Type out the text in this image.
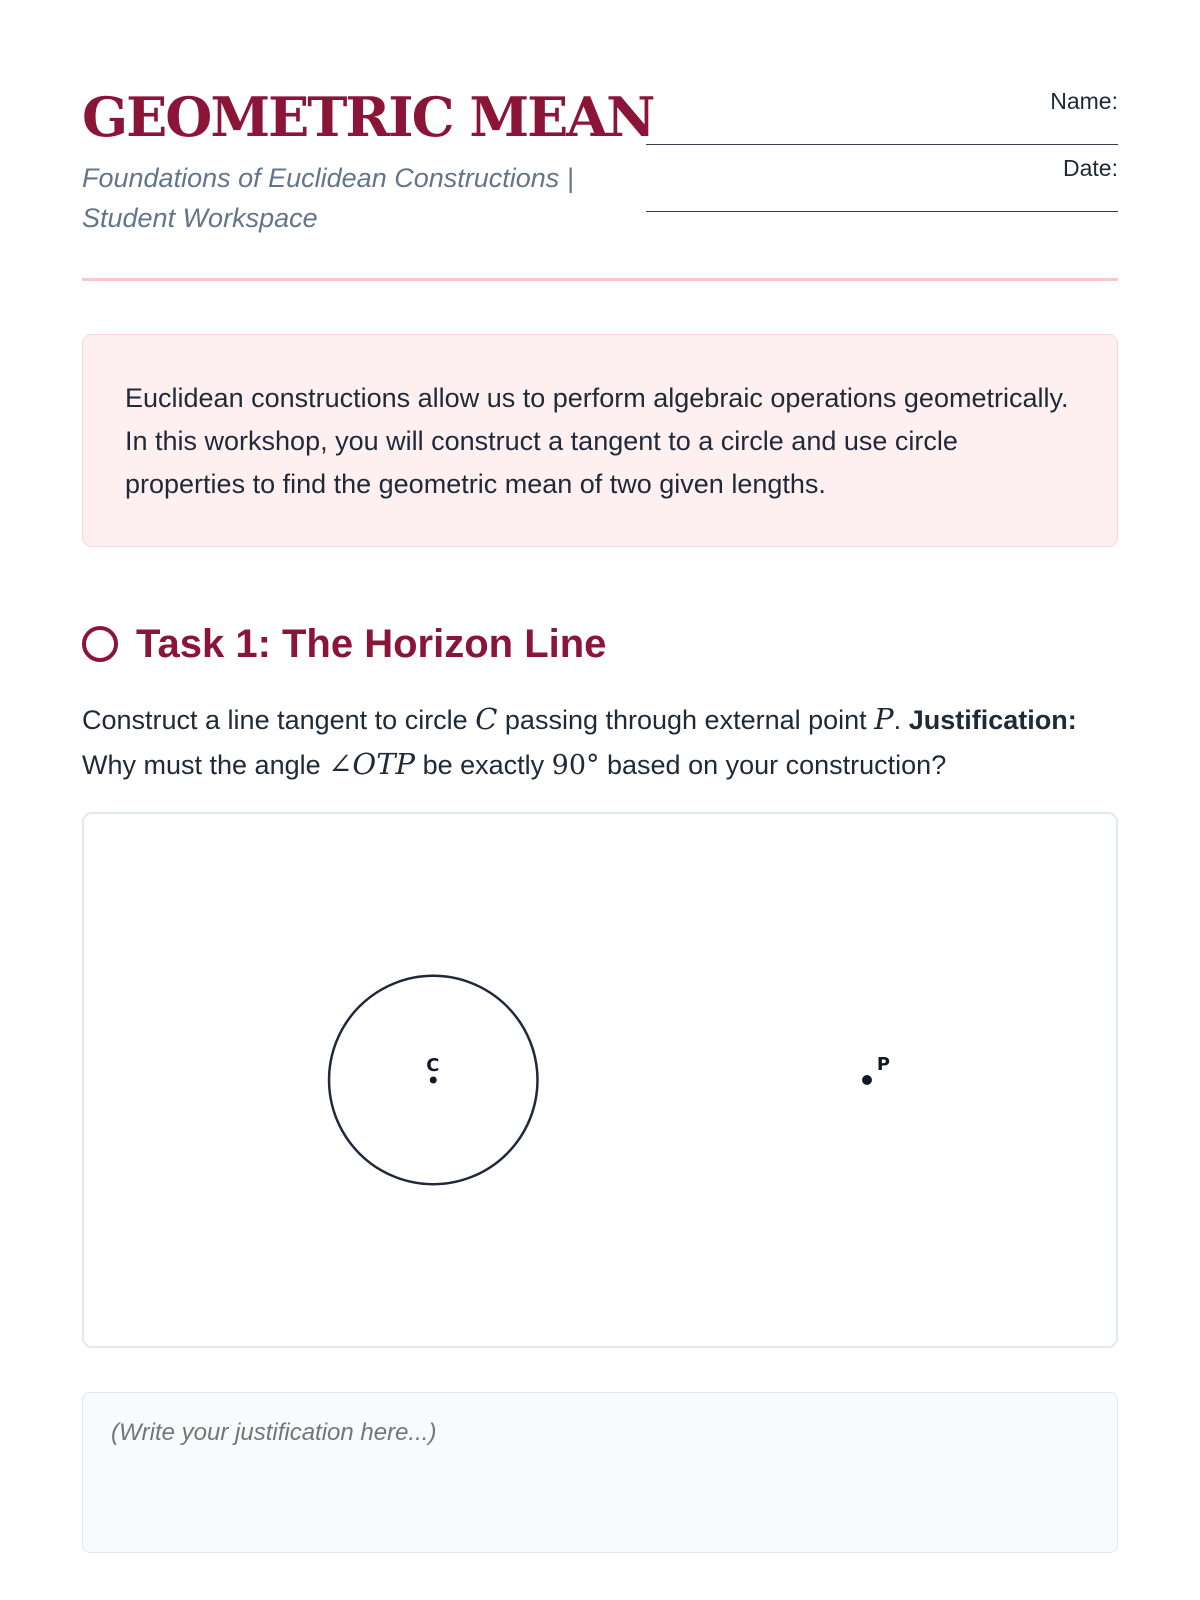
GEOMETRIC MEAN
Foundations of Euclidean Constructions | Student Workspace
Name:
Date:
Euclidean constructions allow us to perform algebraic operations geometrically. In this workshop, you will construct a tangent to a circle and use circle properties to find the geometric mean of two given lengths.
Task 1: The Horizon Line
Construct a line tangent to circle C passing through external point P. Justification: Why must the angle ∠OTP be exactly 90° based on your construction?
C	P
(Write your justification here...)
